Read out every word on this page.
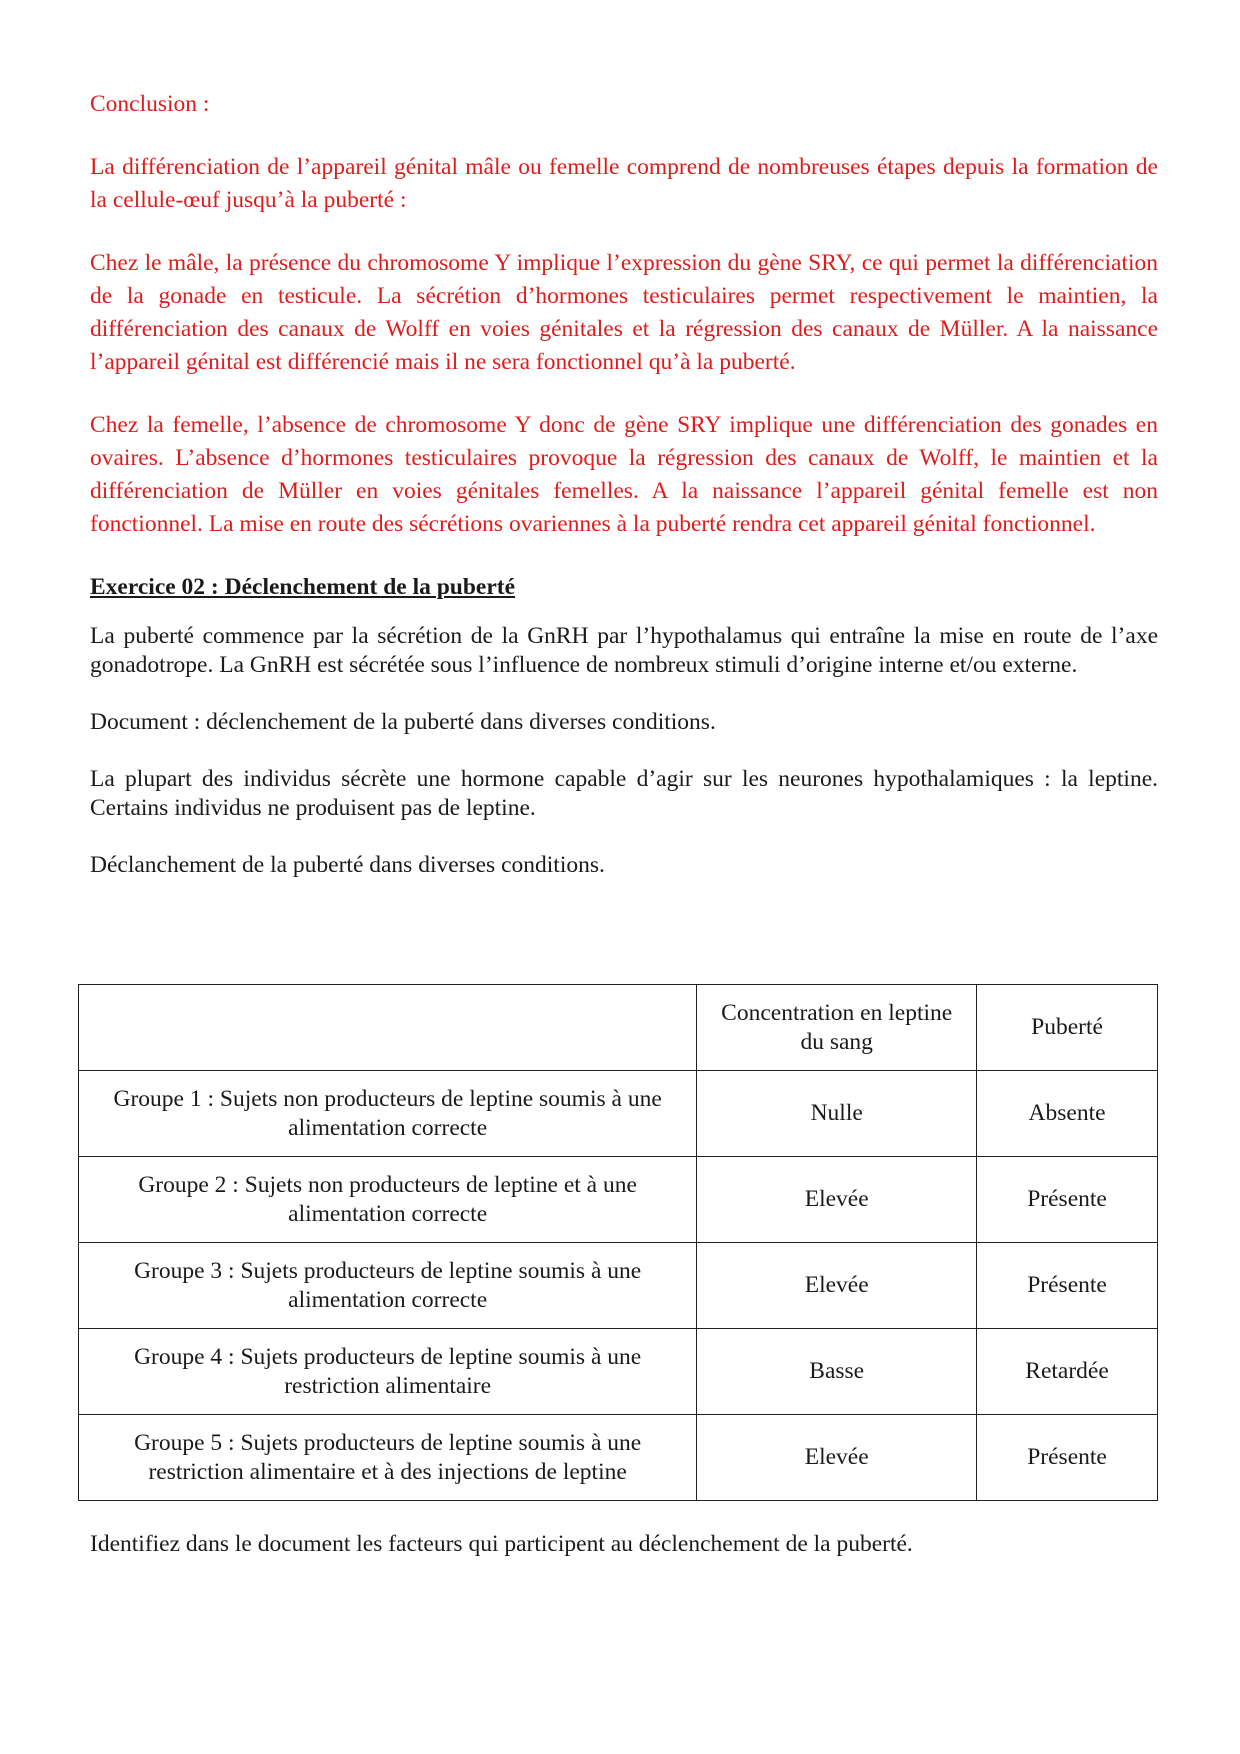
Conclusion :

La différenciation de l’appareil génital mâle ou femelle comprend de nombreuses étapes depuis la formation de la cellule-œuf jusqu’à la puberté :

Chez le mâle, la présence du chromosome Y implique l’expression du gène SRY, ce qui permet la différenciation de la gonade en testicule. La sécrétion d’hormones testiculaires permet respectivement le maintien, la différenciation des canaux de Wolff en voies génitales et la régression des canaux de Müller. A la naissance l’appareil génital est différencié mais il ne sera fonctionnel qu’à la puberté.

Chez la femelle, l’absence de chromosome Y donc de gène SRY implique une différenciation des gonades en ovaires. L’absence d’hormones testiculaires provoque la régression des canaux de Wolff, le maintien et la différenciation de Müller en voies génitales femelles. A la naissance l’appareil génital femelle est non fonctionnel. La mise en route des sécrétions ovariennes à la puberté rendra cet appareil génital fonctionnel.

Exercice 02 : Déclenchement de la puberté

La puberté commence par la sécrétion de la GnRH par l’hypothalamus qui entraîne la mise en route de l’axe gonadotrope. La GnRH est sécrétée sous l’influence de nombreux stimuli d’origine interne et/ou externe.

Document : déclenchement de la puberté dans diverses conditions.

La plupart des individus sécrète une hormone capable d’agir sur les neurones hypothalamiques : la leptine. Certains individus ne produisent pas de leptine.

Déclanchement de la puberté dans diverses conditions.

	Concentration en leptine du sang	Puberté
Groupe 1 : Sujets non producteurs de leptine soumis à une alimentation correcte	Nulle	Absente
Groupe 2 : Sujets non producteurs de leptine et à une alimentation correcte	Elevée	Présente
Groupe 3 : Sujets producteurs de leptine soumis à une alimentation correcte	Elevée	Présente
Groupe 4 : Sujets producteurs de leptine soumis à une restriction alimentaire	Basse	Retardée
Groupe 5 : Sujets producteurs de leptine soumis à une restriction alimentaire et à des injections de leptine	Elevée	Présente

Identifiez dans le document les facteurs qui participent au déclenchement de la puberté.
